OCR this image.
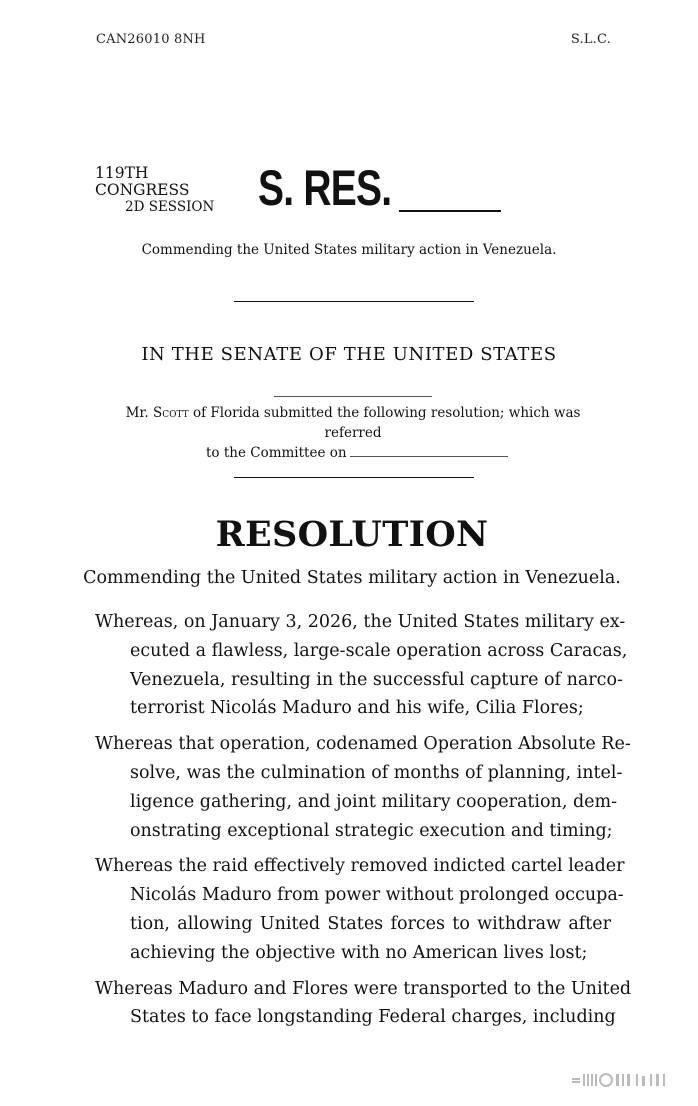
CAN26010 8NH	S.L.C.
119TH CONGRESS
2D SESSION S. RES.
Commending the United States military action in Venezuela.
IN THE SENATE OF THE UNITED STATES
Mr. Scott of Florida submitted the following resolution; which was referred
to the Committee on
RESOLUTION
Commending the United States military action in Venezuela.
Whereas, on January 3, 2026, the United States military ex-
ecuted a flawless, large-scale operation across Caracas,
Venezuela, resulting in the successful capture of narco-
terrorist Nicolás Maduro and his wife, Cilia Flores;
Whereas that operation, codenamed Operation Absolute Re-
solve, was the culmination of months of planning, intel-
ligence gathering, and joint military cooperation, dem-
onstrating exceptional strategic execution and timing;
Whereas the raid effectively removed indicted cartel leader
Nicolás Maduro from power without prolonged occupa-
tion, allowing United States forces to withdraw after
achieving the objective with no American lives lost;
Whereas Maduro and Flores were transported to the United
States to face longstanding Federal charges, including
